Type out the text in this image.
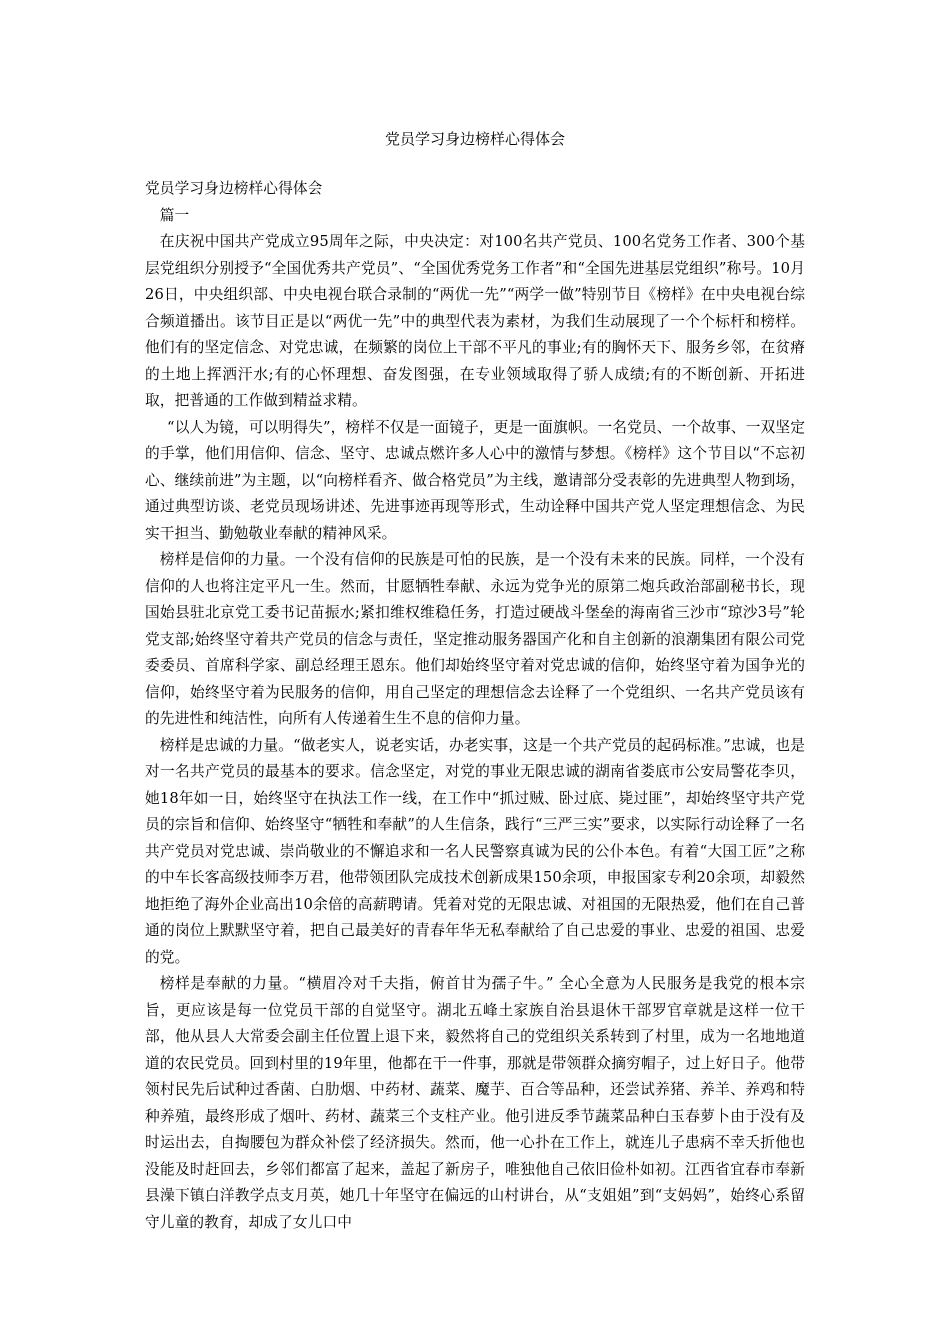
党员学习身边榜样心得体会

党员学习身边榜样心得体会

篇一

在庆祝中国共产党成立95周年之际，中央决定：对100名共产党员、100名党务工作者、300个基层党组织分别授予“全国优秀共产党员”、“全国优秀党务工作者”和“全国先进基层党组织”称号。10月26日，中央组织部、中央电视台联合录制的“两优一先”“两学一做”特别节目《榜样》在中央电视台综合频道播出。该节目正是以“两优一先”中的典型代表为素材，为我们生动展现了一个个标杆和榜样。他们有的坚定信念、对党忠诚，在频繁的岗位上干部不平凡的事业;有的胸怀天下、服务乡邻，在贫瘠的土地上挥洒汗水;有的心怀理想、奋发图强，在专业领域取得了骄人成绩;有的不断创新、开拓进取，把普通的工作做到精益求精。

“以人为镜，可以明得失”，榜样不仅是一面镜子，更是一面旗帜。一名党员、一个故事、一双坚定的手掌，他们用信仰、信念、坚守、忠诚点燃许多人心中的激情与梦想。《榜样》这个节目以“不忘初心、继续前进”为主题，以“向榜样看齐、做合格党员”为主线，邀请部分受表彰的先进典型人物到场，通过典型访谈、老党员现场讲述、先进事迹再现等形式，生动诠释中国共产党人坚定理想信念、为民实干担当、勤勉敬业奉献的精神风采。

榜样是信仰的力量。一个没有信仰的民族是可怕的民族，是一个没有未来的民族。同样，一个没有信仰的人也将注定平凡一生。然而，甘愿牺牲奉献、永远为党争光的原第二炮兵政治部副秘书长，现国始县驻北京党工委书记苗振水;紧扣维权维稳任务，打造过硬战斗堡垒的海南省三沙市“琼沙3号”轮党支部;始终坚守着共产党员的信念与责任，坚定推动服务器国产化和自主创新的浪潮集团有限公司党委委员、首席科学家、副总经理王恩东。他们却始终坚守着对党忠诚的信仰，始终坚守着为国争光的信仰，始终坚守着为民服务的信仰，用自己坚定的理想信念去诠释了一个党组织、一名共产党员该有的先进性和纯洁性，向所有人传递着生生不息的信仰力量。

榜样是忠诚的力量。“做老实人，说老实话，办老实事，这是一个共产党员的起码标准。”忠诚，也是对一名共产党员的最基本的要求。信念坚定，对党的事业无限忠诚的湖南省娄底市公安局警花李贝，她18年如一日，始终坚守在执法工作一线，在工作中“抓过贼、卧过底、毙过匪”，却始终坚守共产党员的宗旨和信仰、始终坚守“牺牲和奉献”的人生信条，践行“三严三实”要求，以实际行动诠释了一名共产党员对党忠诚、崇尚敬业的不懈追求和一名人民警察真诚为民的公仆本色。有着“大国工匠”之称的中车长客高级技师李万君，他带领团队完成技术创新成果150余项，申报国家专利20余项，却毅然地拒绝了海外企业高出10余倍的高薪聘请。凭着对党的无限忠诚、对祖国的无限热爱，他们在自己普通的岗位上默默坚守着，把自己最美好的青春年华无私奉献给了自己忠爱的事业、忠爱的祖国、忠爱的党。

榜样是奉献的力量。“横眉冷对千夫指，俯首甘为孺子牛。” 全心全意为人民服务是我党的根本宗旨，更应该是每一位党员干部的自觉坚守。湖北五峰土家族自治县退休干部罗官章就是这样一位干部，他从县人大常委会副主任位置上退下来，毅然将自己的党组织关系转到了村里，成为一名地地道道的农民党员。回到村里的19年里，他都在干一件事，那就是带领群众摘穷帽子，过上好日子。他带领村民先后试种过香菌、白肋烟、中药材、蔬菜、魔芋、百合等品种，还尝试养猪、养羊、养鸡和特种养殖，最终形成了烟叶、药材、蔬菜三个支柱产业。他引进反季节蔬菜品种白玉春萝卜由于没有及时运出去，自掏腰包为群众补偿了经济损失。然而，他一心扑在工作上，就连儿子患病不幸夭折他也没能及时赶回去，乡邻们都富了起来，盖起了新房子，唯独他自己依旧俭朴如初。江西省宜春市奉新县澡下镇白洋教学点支月英，她几十年坚守在偏远的山村讲台，从“支姐姐”到“支妈妈”，始终心系留守儿童的教育，却成了女儿口中
